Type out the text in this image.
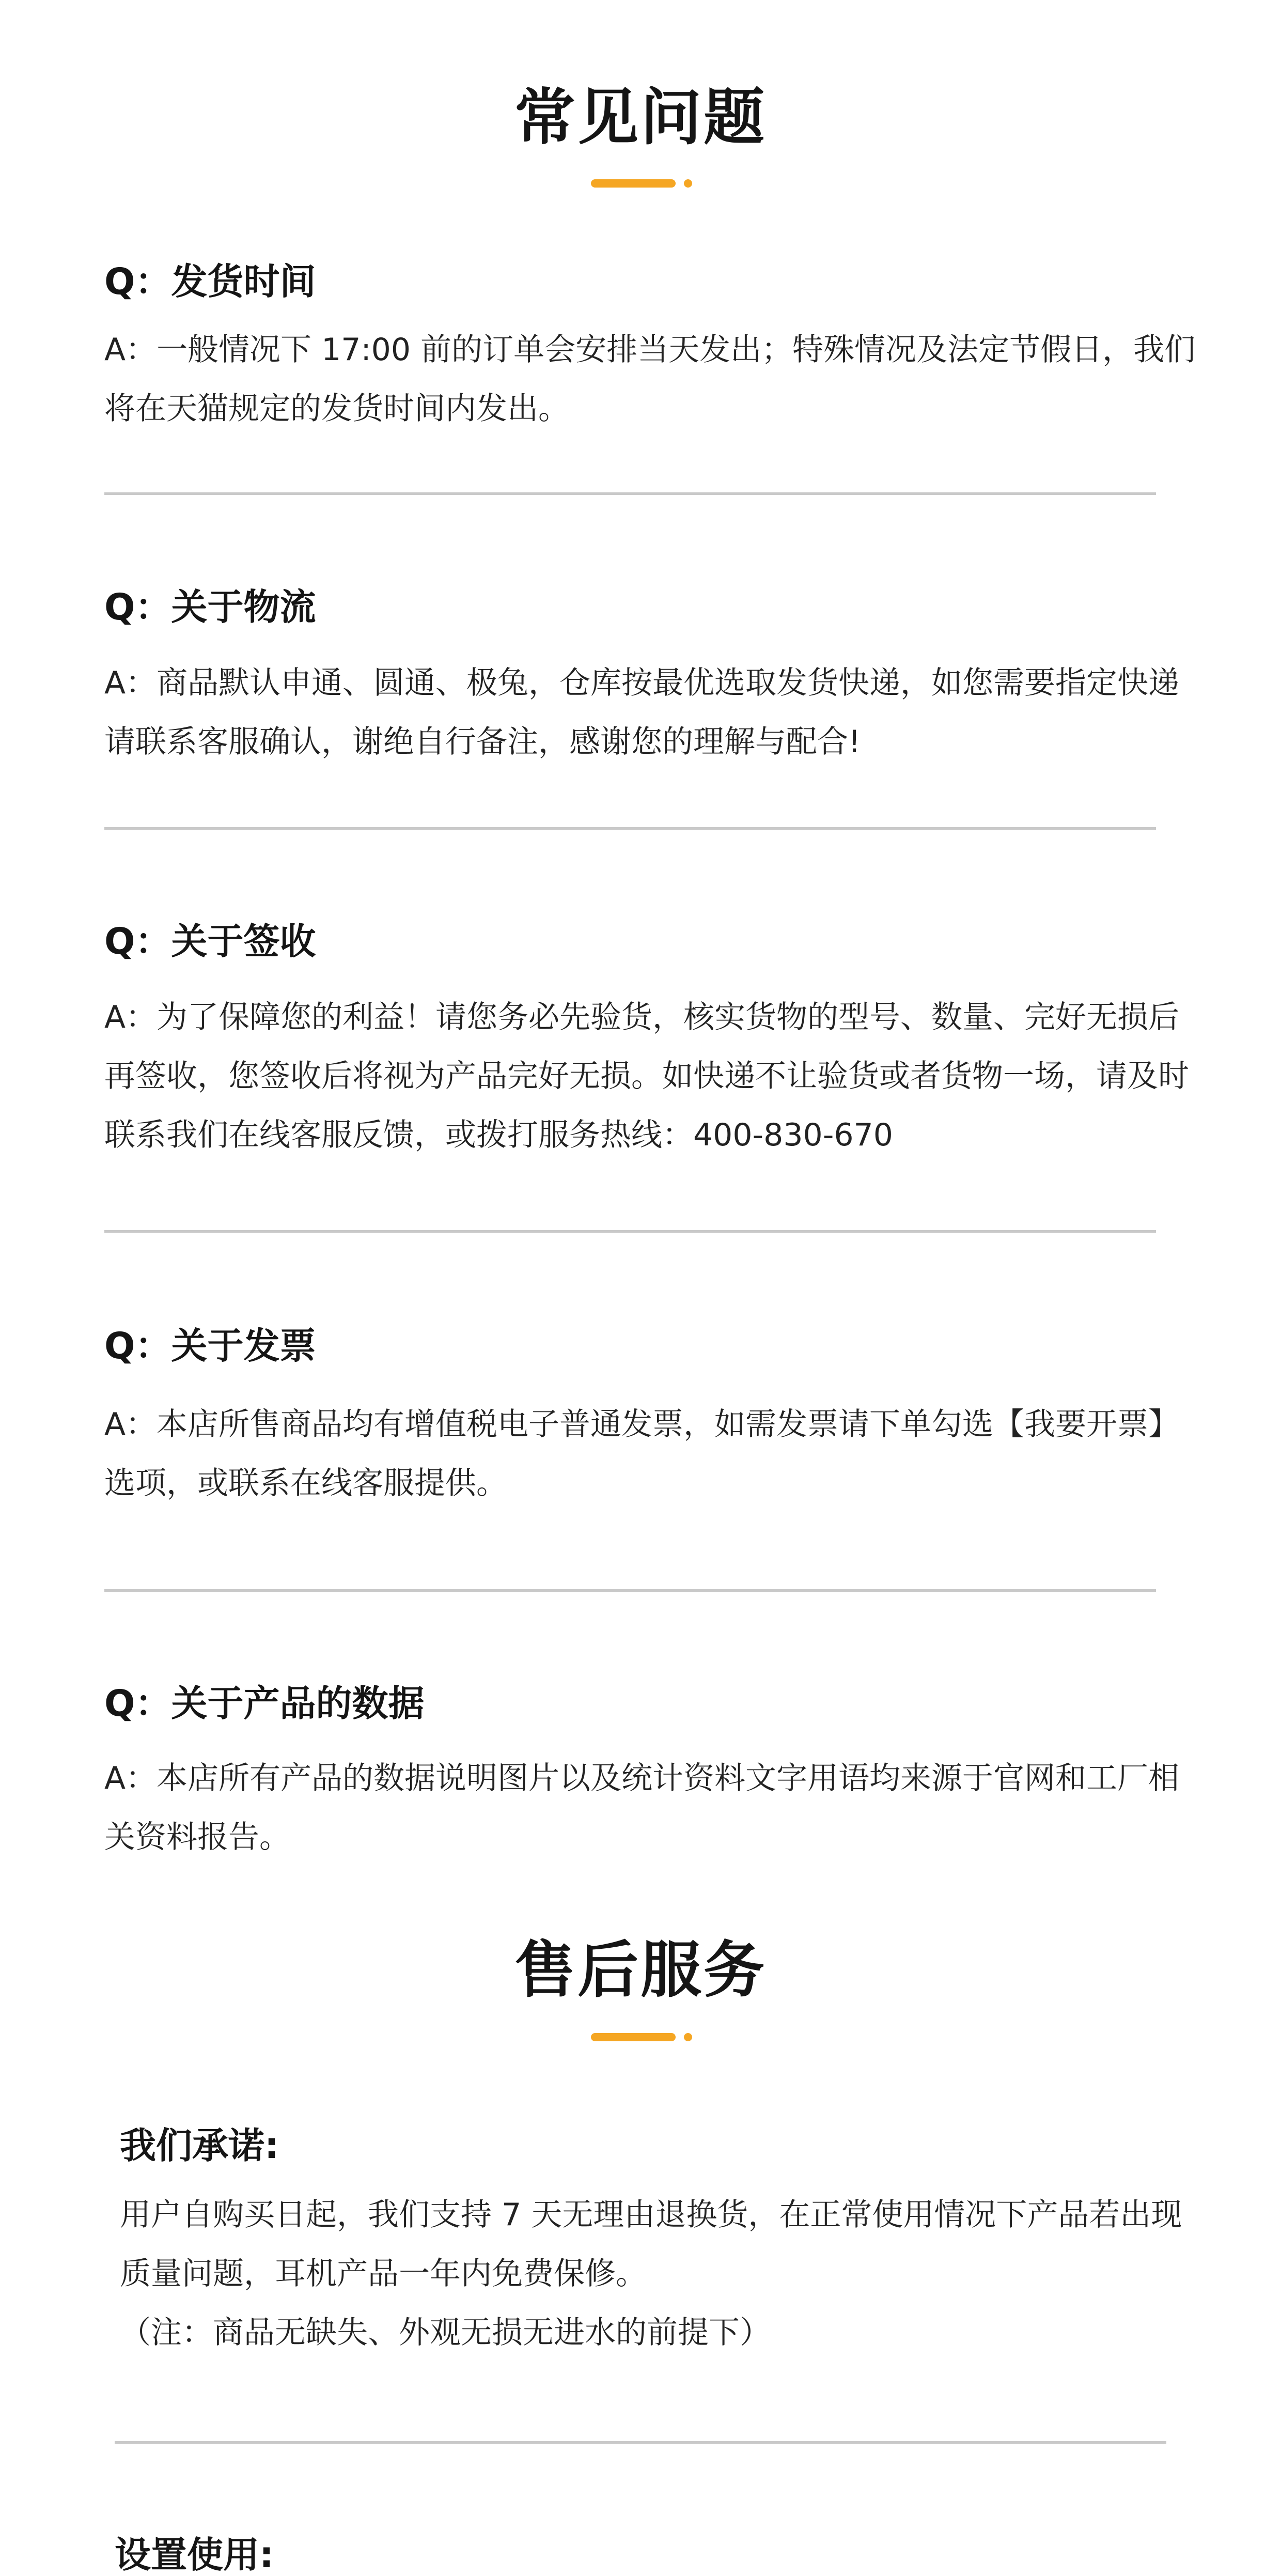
常见问题
Q：发货时间
A：一般情况下 17:00 前的订单会安排当天发出；特殊情况及法定节假日，我们将在天猫规定的发货时间内发出。
Q：关于物流
A：商品默认申通、圆通、极兔，仓库按最优选取发货快递，如您需要指定快递请联系客服确认，谢绝自行备注，感谢您的理解与配合!
Q：关于签收
A：为了保障您的利益！请您务必先验货，核实货物的型号、数量、完好无损后再签收，您签收后将视为产品完好无损。如快递不让验货或者货物一场，请及时联系我们在线客服反馈，或拨打服务热线：400-830-670
Q：关于发票
A：本店所售商品均有增值税电子普通发票，如需发票请下单勾选【我要开票】选项，或联系在线客服提供。
Q：关于产品的数据
A：本店所有产品的数据说明图片以及统计资料文字用语均来源于官网和工厂相关资料报告。
售后服务
我们承诺:

用户自购买日起，我们支持 7 天无理由退换货，在正常使用情况下产品若出现质量问题，耳机产品一年内免费保修。

（注：商品无缺失、外观无损无进水的前提下）

设置使用:
